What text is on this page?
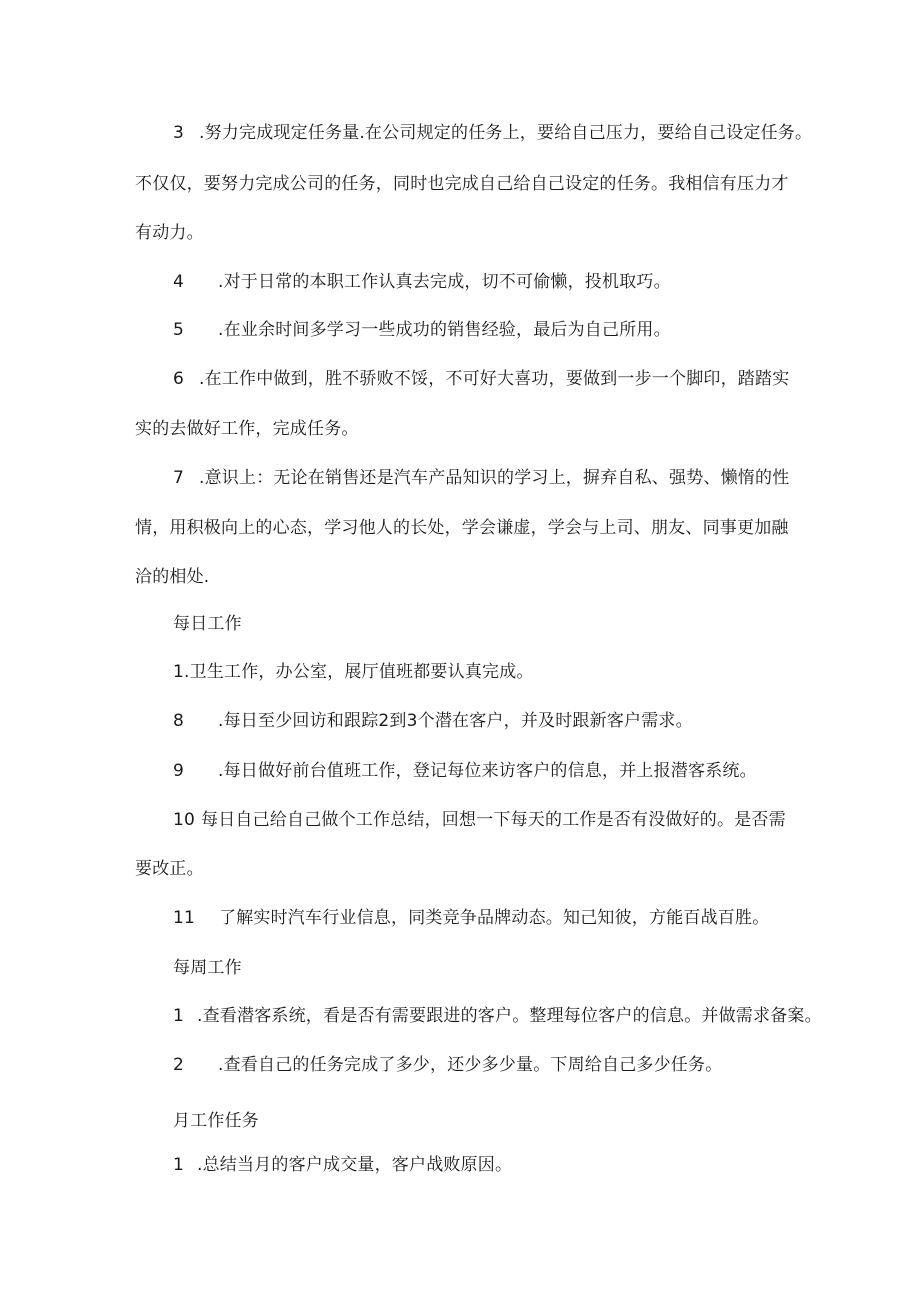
3 .努力完成现定任务量.在公司规定的任务上，要给自己压力，要给自己设定任务。
不仅仅，要努力完成公司的任务，同时也完成自己给自己设定的任务。我相信有压力才
有动力。
4 .对于日常的本职工作认真去完成，切不可偷懒，投机取巧。
5 .在业余时间多学习一些成功的销售经验，最后为自己所用。
6 .在工作中做到，胜不骄败不馁，不可好大喜功，要做到一步一个脚印，踏踏实
实的去做好工作，完成任务。
7 .意识上：无论在销售还是汽车产品知识的学习上，摒弃自私、强势、懒惰的性
情，用积极向上的心态，学习他人的长处，学会谦虚，学会与上司、朋友、同事更加融
洽的相处.
每日工作
1.卫生工作，办公室，展厅值班都要认真完成。
8 .每日至少回访和跟踪2到3个潜在客户，并及时跟新客户需求。
9 .每日做好前台值班工作，登记每位来访客户的信息，并上报潜客系统。
10 每日自己给自己做个工作总结，回想一下每天的工作是否有没做好的。是否需
要改正。
11 了解实时汽车行业信息，同类竞争品牌动态。知己知彼，方能百战百胜。
每周工作
1 .查看潜客系统，看是否有需要跟进的客户。整理每位客户的信息。并做需求备案。
2 .查看自己的任务完成了多少，还少多少量。下周给自己多少任务。
月工作任务
1 .总结当月的客户成交量，客户战败原因。
